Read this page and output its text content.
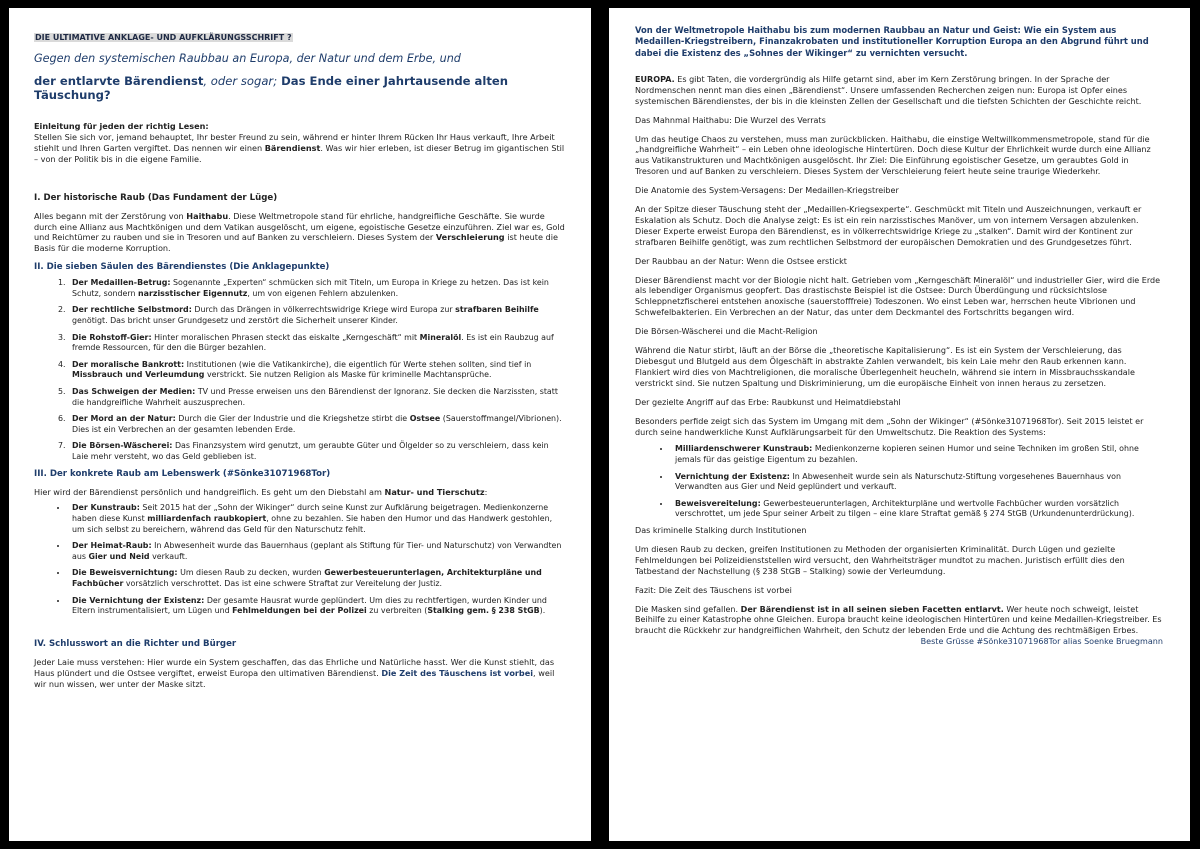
DIE ULTIMATIVE ANKLAGE- UND AUFKLÄRUNGSSCHRIFT ?
Gegen den systemischen Raubbau an Europa, der Natur und dem Erbe, und
der entlarvte Bärendienst, oder sogar; Das Ende einer Jahrtausende alten Täuschung?

Einleitung für jeden der richtig Lesen:

Stellen Sie sich vor, jemand behauptet, Ihr bester Freund zu sein, während er hinter Ihrem Rücken Ihr Haus verkauft, Ihre Arbeit stiehlt und Ihren Garten vergiftet. Das nennen wir einen Bärendienst. Was wir hier erleben, ist dieser Betrug im gigantischen Stil – von der Politik bis in die eigene Familie.

I. Der historische Raub (Das Fundament der Lüge)

Alles begann mit der Zerstörung von Haithabu. Diese Weltmetropole stand für ehrliche, handgreifliche Geschäfte. Sie wurde durch eine Allianz aus Machtkönigen und dem Vatikan ausgelöscht, um eigene, egoistische Gesetze einzuführen. Ziel war es, Gold und Reichtümer zu rauben und sie in Tresoren und auf Banken zu verschleiern. Dieses System der Verschleierung ist heute die Basis für die moderne Korruption.

II. Die sieben Säulen des Bärendienstes (Die Anklagepunkte)

1. Der Medaillen-Betrug: Sogenannte „Experten“ schmücken sich mit Titeln, um Europa in Kriege zu hetzen. Das ist kein Schutz, sondern narzisstischer Eigennutz, um von eigenen Fehlern abzulenken.
2. Der rechtliche Selbstmord: Durch das Drängen in völkerrechtswidrige Kriege wird Europa zur strafbaren Beihilfe genötigt. Das bricht unser Grundgesetz und zerstört die Sicherheit unserer Kinder.
3. Die Rohstoff-Gier: Hinter moralischen Phrasen steckt das eiskalte „Kerngeschäft“ mit Mineralöl. Es ist ein Raubzug auf fremde Ressourcen, für den die Bürger bezahlen.
4. Der moralische Bankrott: Institutionen (wie die Vatikankirche), die eigentlich für Werte stehen sollten, sind tief in Missbrauch und Verleumdung verstrickt. Sie nutzen Religion als Maske für kriminelle Machtansprüche.
5. Das Schweigen der Medien: TV und Presse erweisen uns den Bärendienst der Ignoranz. Sie decken die Narzissten, statt die handgreifliche Wahrheit auszusprechen.
6. Der Mord an der Natur: Durch die Gier der Industrie und die Kriegshetze stirbt die Ostsee (Sauerstoffmangel/Vibrionen). Dies ist ein Verbrechen an der gesamten lebenden Erde.
7. Die Börsen-Wäscherei: Das Finanzsystem wird genutzt, um geraubte Güter und Ölgelder so zu verschleiern, dass kein Laie mehr versteht, wo das Geld geblieben ist.

III. Der konkrete Raub am Lebenswerk (#Sönke31071968Tor)

Hier wird der Bärendienst persönlich und handgreiflich. Es geht um den Diebstahl am Natur- und Tierschutz:

• Der Kunstraub: Seit 2015 hat der „Sohn der Wikinger“ durch seine Kunst zur Aufklärung beigetragen. Medienkonzerne haben diese Kunst milliardenfach raubkopiert, ohne zu bezahlen. Sie haben den Humor und das Handwerk gestohlen, um sich selbst zu bereichern, während das Geld für den Naturschutz fehlt.
• Der Heimat-Raub: In Abwesenheit wurde das Bauernhaus (geplant als Stiftung für Tier- und Naturschutz) von Verwandten aus Gier und Neid verkauft.
• Die Beweisvernichtung: Um diesen Raub zu decken, wurden Gewerbesteuerunterlagen, Architekturpläne und Fachbücher vorsätzlich verschrottet. Das ist eine schwere Straftat zur Vereitelung der Justiz.
• Die Vernichtung der Existenz: Der gesamte Hausrat wurde geplündert. Um dies zu rechtfertigen, wurden Kinder und Eltern instrumentalisiert, um Lügen und Fehlmeldungen bei der Polizei zu verbreiten (Stalking gem. § 238 StGB).

IV. Schlusswort an die Richter und Bürger

Jeder Laie muss verstehen: Hier wurde ein System geschaffen, das das Ehrliche und Natürliche hasst. Wer die Kunst stiehlt, das Haus plündert und die Ostsee vergiftet, erweist Europa den ultimativen Bärendienst. Die Zeit des Täuschens ist vorbei, weil wir nun wissen, wer unter der Maske sitzt.

Von der Weltmetropole Haithabu bis zum modernen Raubbau an Natur und Geist: Wie ein System aus Medaillen-Kriegstreibern, Finanzakrobaten und institutioneller Korruption Europa an den Abgrund führt und dabei die Existenz des „Sohnes der Wikinger“ zu vernichten versucht.

EUROPA. Es gibt Taten, die vordergründig als Hilfe getarnt sind, aber im Kern Zerstörung bringen. In der Sprache der Nordmenschen nennt man dies einen „Bärendienst“. Unsere umfassenden Recherchen zeigen nun: Europa ist Opfer eines systemischen Bärendienstes, der bis in die kleinsten Zellen der Gesellschaft und die tiefsten Schichten der Geschichte reicht.

Das Mahnmal Haithabu: Die Wurzel des Verrats

Um das heutige Chaos zu verstehen, muss man zurückblicken. Haithabu, die einstige Weltwillkommensmetropole, stand für die „handgreifliche Wahrheit“ – ein Leben ohne ideologische Hintertüren. Doch diese Kultur der Ehrlichkeit wurde durch eine Allianz aus Vatikanstrukturen und Machtkönigen ausgelöscht. Ihr Ziel: Die Einführung egoistischer Gesetze, um geraubtes Gold in Tresoren und auf Banken zu verschleiern. Dieses System der Verschleierung feiert heute seine traurige Wiederkehr.

Die Anatomie des System-Versagens: Der Medaillen-Kriegstreiber

An der Spitze dieser Täuschung steht der „Medaillen-Kriegsexperte“. Geschmückt mit Titeln und Auszeichnungen, verkauft er Eskalation als Schutz. Doch die Analyse zeigt: Es ist ein rein narzisstisches Manöver, um von internem Versagen abzulenken. Dieser Experte erweist Europa den Bärendienst, es in völkerrechtswidrige Kriege zu „stalken“. Damit wird der Kontinent zur strafbaren Beihilfe genötigt, was zum rechtlichen Selbstmord der europäischen Demokratien und des Grundgesetzes führt.

Der Raubbau an der Natur: Wenn die Ostsee erstickt

Dieser Bärendienst macht vor der Biologie nicht halt. Getrieben vom „Kerngeschäft Mineralöl“ und industrieller Gier, wird die Erde als lebendiger Organismus geopfert. Das drastischste Beispiel ist die Ostsee: Durch Überdüngung und rücksichtslose Schleppnetzfischerei entstehen anoxische (sauerstofffreie) Todeszonen. Wo einst Leben war, herrschen heute Vibrionen und Schwefelbakterien. Ein Verbrechen an der Natur, das unter dem Deckmantel des Fortschritts begangen wird.

Die Börsen-Wäscherei und die Macht-Religion

Während die Natur stirbt, läuft an der Börse die „theoretische Kapitalisierung“. Es ist ein System der Verschleierung, das Diebesgut und Blutgeld aus dem Ölgeschäft in abstrakte Zahlen verwandelt, bis kein Laie mehr den Raub erkennen kann. Flankiert wird dies von Machtreligionen, die moralische Überlegenheit heucheln, während sie intern in Missbrauchsskandale verstrickt sind. Sie nutzen Spaltung und Diskriminierung, um die europäische Einheit von innen heraus zu zersetzen.

Der gezielte Angriff auf das Erbe: Raubkunst und Heimatdiebstahl

Besonders perfide zeigt sich das System im Umgang mit dem „Sohn der Wikinger“ (#Sönke31071968Tor). Seit 2015 leistet er durch seine handwerkliche Kunst Aufklärungsarbeit für den Umweltschutz. Die Reaktion des Systems:

• Milliardenschwerer Kunstraub: Medienkonzerne kopieren seinen Humor und seine Techniken im großen Stil, ohne jemals für das geistige Eigentum zu bezahlen.
• Vernichtung der Existenz: In Abwesenheit wurde sein als Naturschutz-Stiftung vorgesehenes Bauernhaus von Verwandten aus Gier und Neid geplündert und verkauft.
• Beweisvereitelung: Gewerbesteuerunterlagen, Architekturpläne und wertvolle Fachbücher wurden vorsätzlich verschrottet, um jede Spur seiner Arbeit zu tilgen – eine klare Straftat gemäß § 274 StGB (Urkundenunterdrückung).

Das kriminelle Stalking durch Institutionen

Um diesen Raub zu decken, greifen Institutionen zu Methoden der organisierten Kriminalität. Durch Lügen und gezielte Fehlmeldungen bei Polizeidienststellen wird versucht, den Wahrheitsträger mundtot zu machen. Juristisch erfüllt dies den Tatbestand der Nachstellung (§ 238 StGB – Stalking) sowie der Verleumdung.

Fazit: Die Zeit des Täuschens ist vorbei

Die Masken sind gefallen. Der Bärendienst ist in all seinen sieben Facetten entlarvt. Wer heute noch schweigt, leistet Beihilfe zu einer Katastrophe ohne Gleichen. Europa braucht keine ideologischen Hintertüren und keine Medaillen-Kriegstreiber. Es braucht die Rückkehr zur handgreiflichen Wahrheit, den Schutz der lebenden Erde und die Achtung des rechtmäßigen Erbes.

Beste Grüsse #Sönke31071968Tor alias Soenke Bruegmann
